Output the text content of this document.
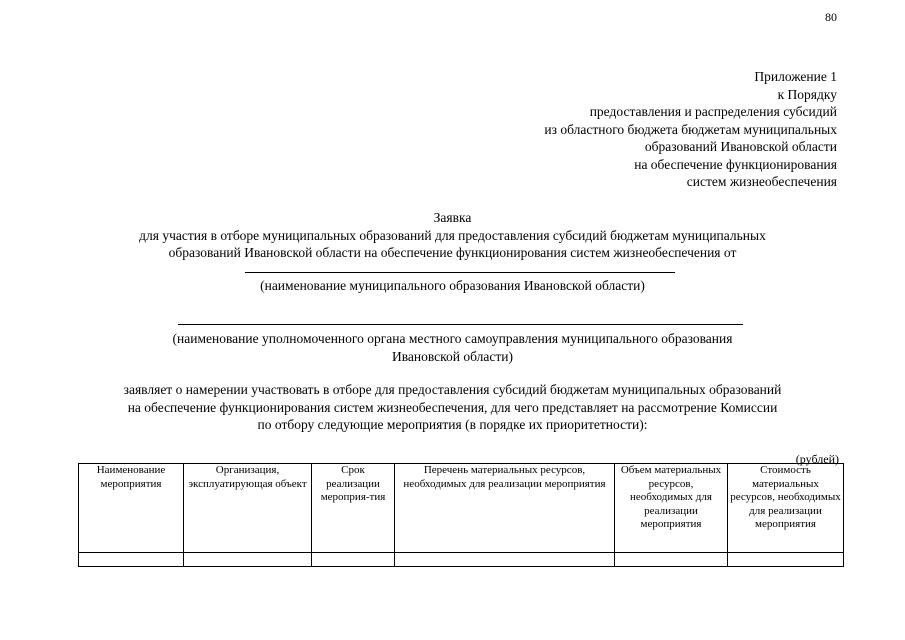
80
Приложение 1
к Порядку
предоставления и распределения субсидий
из областного бюджета бюджетам муниципальных
образований Ивановской области
на обеспечение функционирования
систем жизнеобеспечения
Заявка
для участия в отборе муниципальных образований для предоставления субсидий бюджетам муниципальных
образований Ивановской области на обеспечение функционирования систем жизнеобеспечения от
(наименование муниципального образования Ивановской области)
(наименование уполномоченного органа местного самоуправления муниципального образования
Ивановской области)
заявляет о намерении участвовать в отборе для предоставления субсидий бюджетам муниципальных образований
на обеспечение функционирования систем жизнеобеспечения, для чего представляет на рассмотрение Комиссии
по отбору следующие мероприятия (в порядке их приоритетности):
(рублей)
Наименование мероприятия	Организация, эксплуатирующая объект	Срок реализации мероприя-тия	Перечень материальных ресурсов, необходимых для реализации мероприятия	Объем материальных ресурсов, необходимых для реализации мероприятия	Стоимость материальных ресурсов, необходимых для реализации мероприятия
